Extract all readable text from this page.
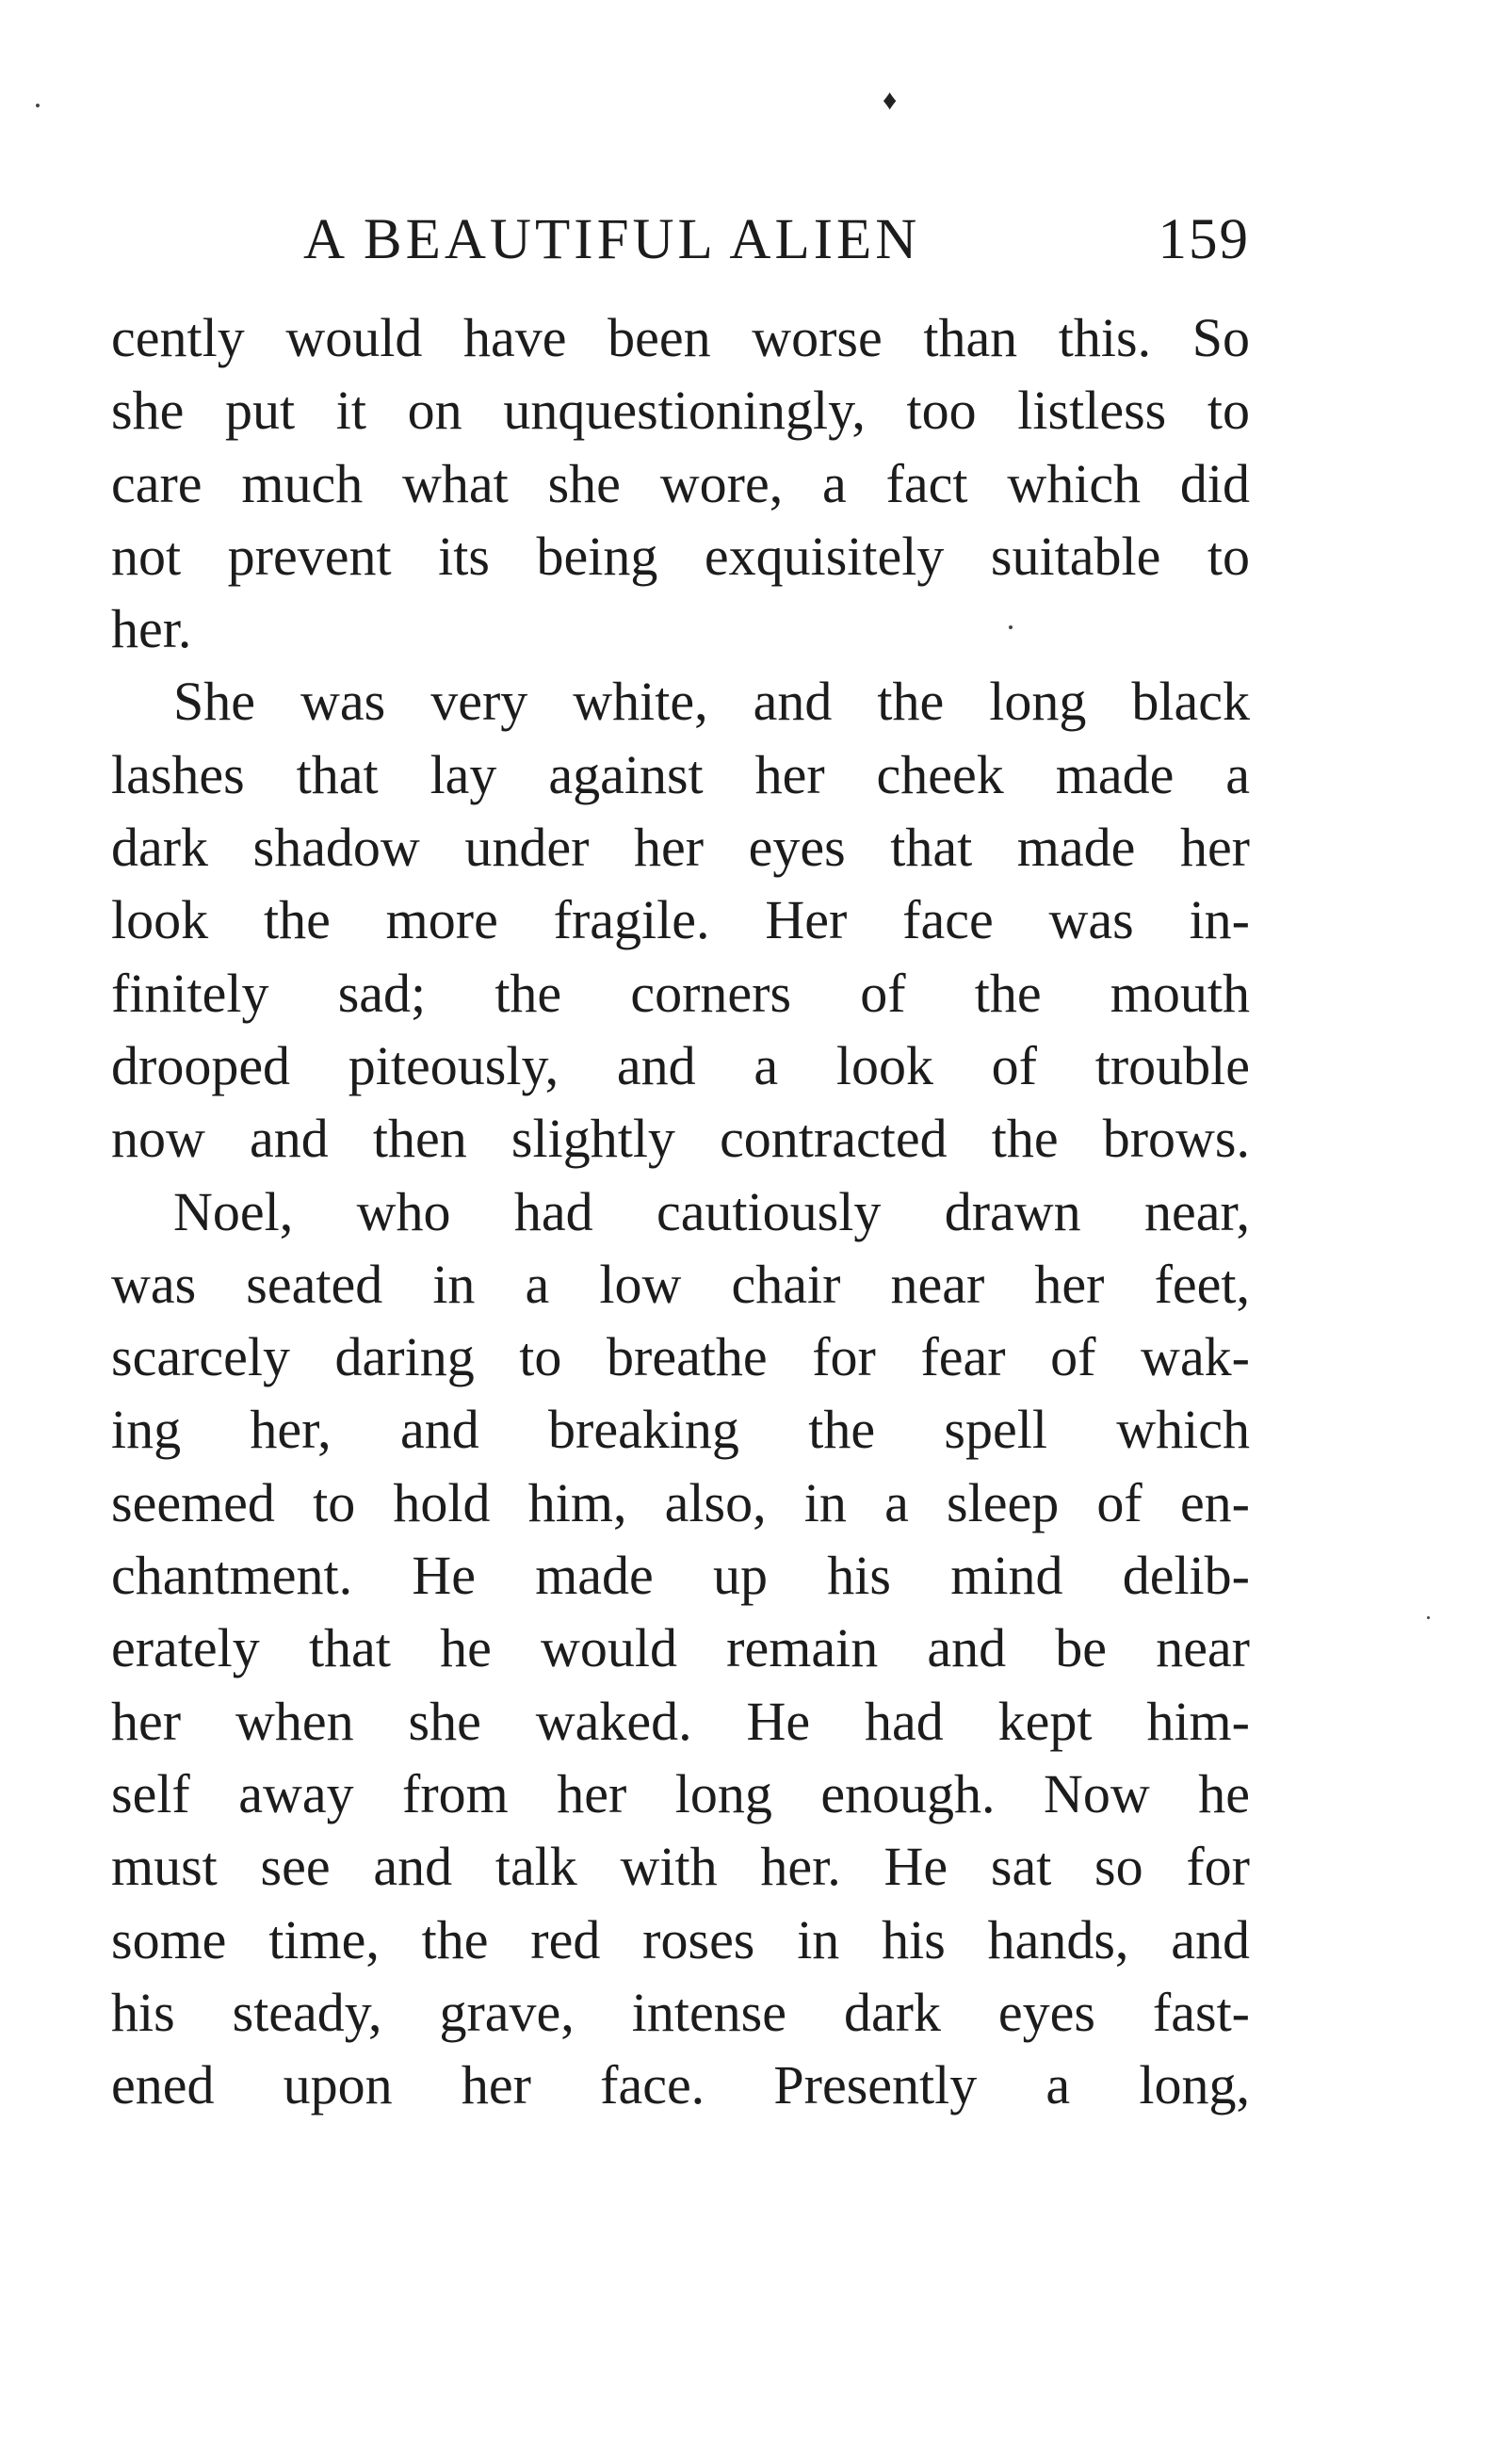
♦
A BEAUTIFUL ALIEN	159
cently would have been worse than this. So
she put it on unquestioningly, too listless to
care much what she wore, a fact which did
not prevent its being exquisitely suitable to
her.
She was very white, and the long black
lashes that lay against her cheek made a
dark shadow under her eyes that made her
look the more fragile. Her face was in-
finitely sad; the corners of the mouth
drooped piteously, and a look of trouble
now and then slightly contracted the brows.
Noel, who had cautiously drawn near,
was seated in a low chair near her feet,
scarcely daring to breathe for fear of wak-
ing her, and breaking the spell which
seemed to hold him, also, in a sleep of en-
chantment. He made up his mind delib-
erately that he would remain and be near
her when she waked. He had kept him-
self away from her long enough. Now he
must see and talk with her. He sat so for
some time, the red roses in his hands, and
his steady, grave, intense dark eyes fast-
ened upon her face. Presently a long,
